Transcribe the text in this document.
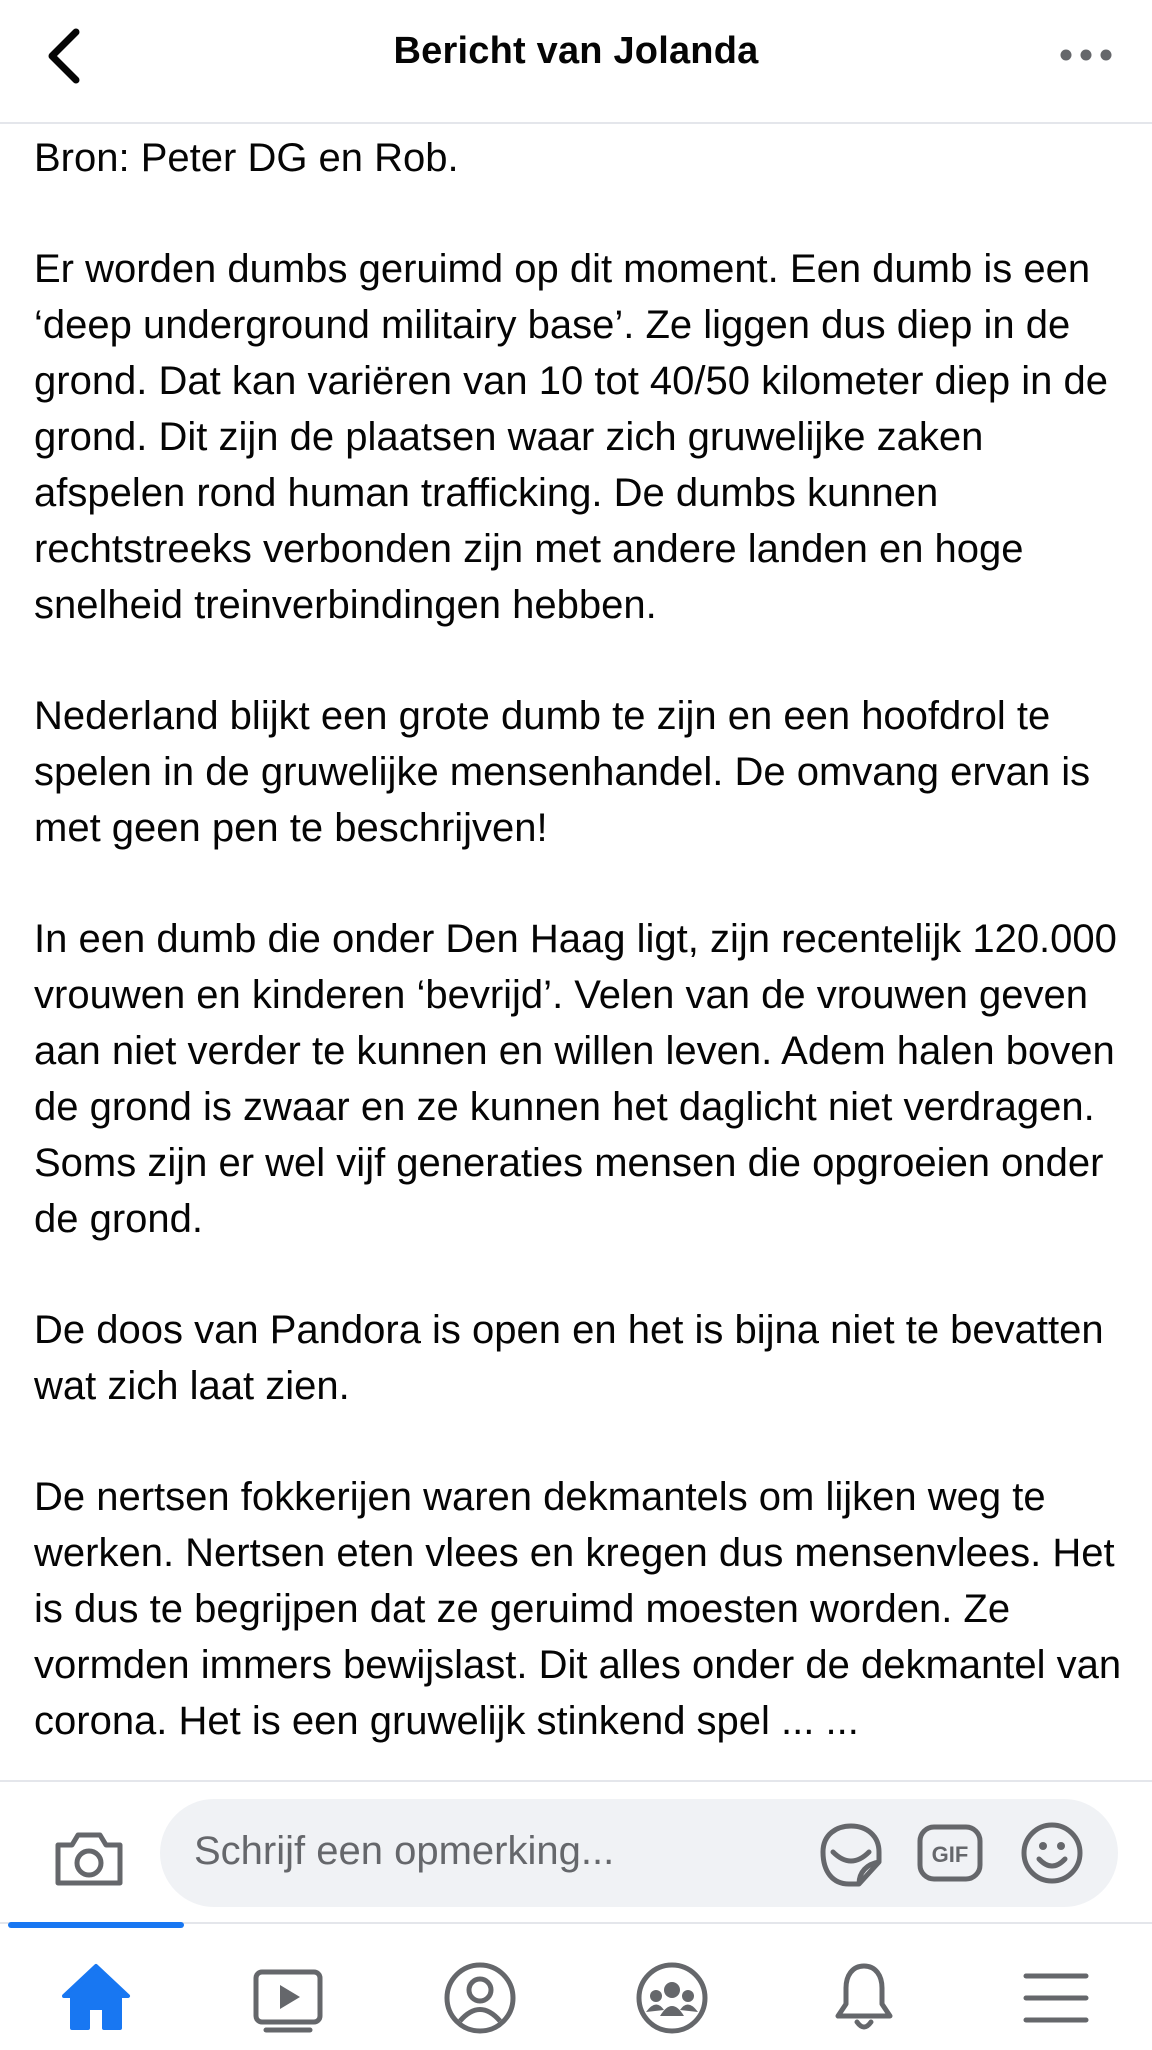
Bericht van Jolanda

Bron: Peter DG en Rob.

Er worden dumbs geruimd op dit moment. Een dumb is een ‘deep underground militairy base’. Ze liggen dus diep in de grond. Dat kan variëren van 10 tot 40/50 kilometer diep in de grond. Dit zijn de plaatsen waar zich gruwelijke zaken afspelen rond human trafficking. De dumbs kunnen rechtstreeks verbonden zijn met andere landen en hoge snelheid treinverbindingen hebben.

Nederland blijkt een grote dumb te zijn en een hoofdrol te spelen in de gruwelijke mensenhandel. De omvang ervan is met geen pen te beschrijven!

In een dumb die onder Den Haag ligt, zijn recentelijk 120.000 vrouwen en kinderen ‘bevrijd’. Velen van de vrouwen geven aan niet verder te kunnen en willen leven. Adem halen boven de grond is zwaar en ze kunnen het daglicht niet verdragen. Soms zijn er wel vijf generaties mensen die opgroeien onder de grond.

De doos van Pandora is open en het is bijna niet te bevatten wat zich laat zien.

De nertsen fokkerijen waren dekmantels om lijken weg te werken. Nertsen eten vlees en kregen dus mensenvlees. Het is dus te begrijpen dat ze geruimd moesten worden. Ze vormden immers bewijslast. Dit alles onder de dekmantel van corona. Het is een gruwelijk stinkend spel ... ...

Schrijf een opmerking...	GIF
